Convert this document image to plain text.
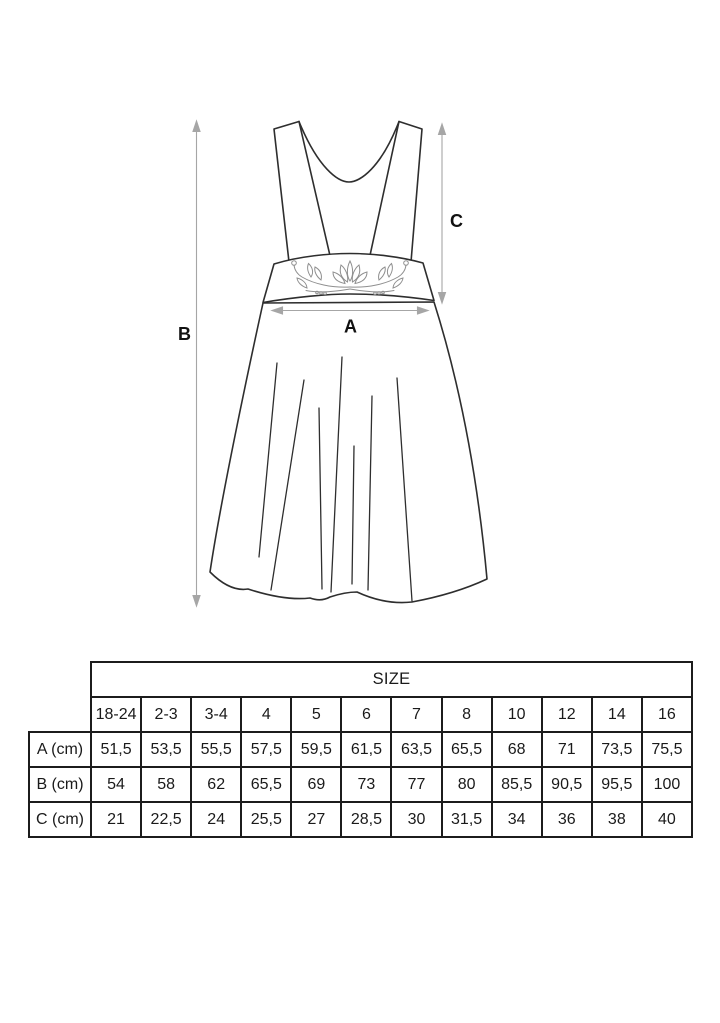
A
B
C
	SIZE											
	18-24	2-3	3-4	4	5	6	7	8	10	12	14	16
A (cm)	51,5	53,5	55,5	57,5	59,5	61,5	63,5	65,5	68	71	73,5	75,5
B (cm)	54	58	62	65,5	69	73	77	80	85,5	90,5	95,5	100
C (cm)	21	22,5	24	25,5	27	28,5	30	31,5	34	36	38	40
